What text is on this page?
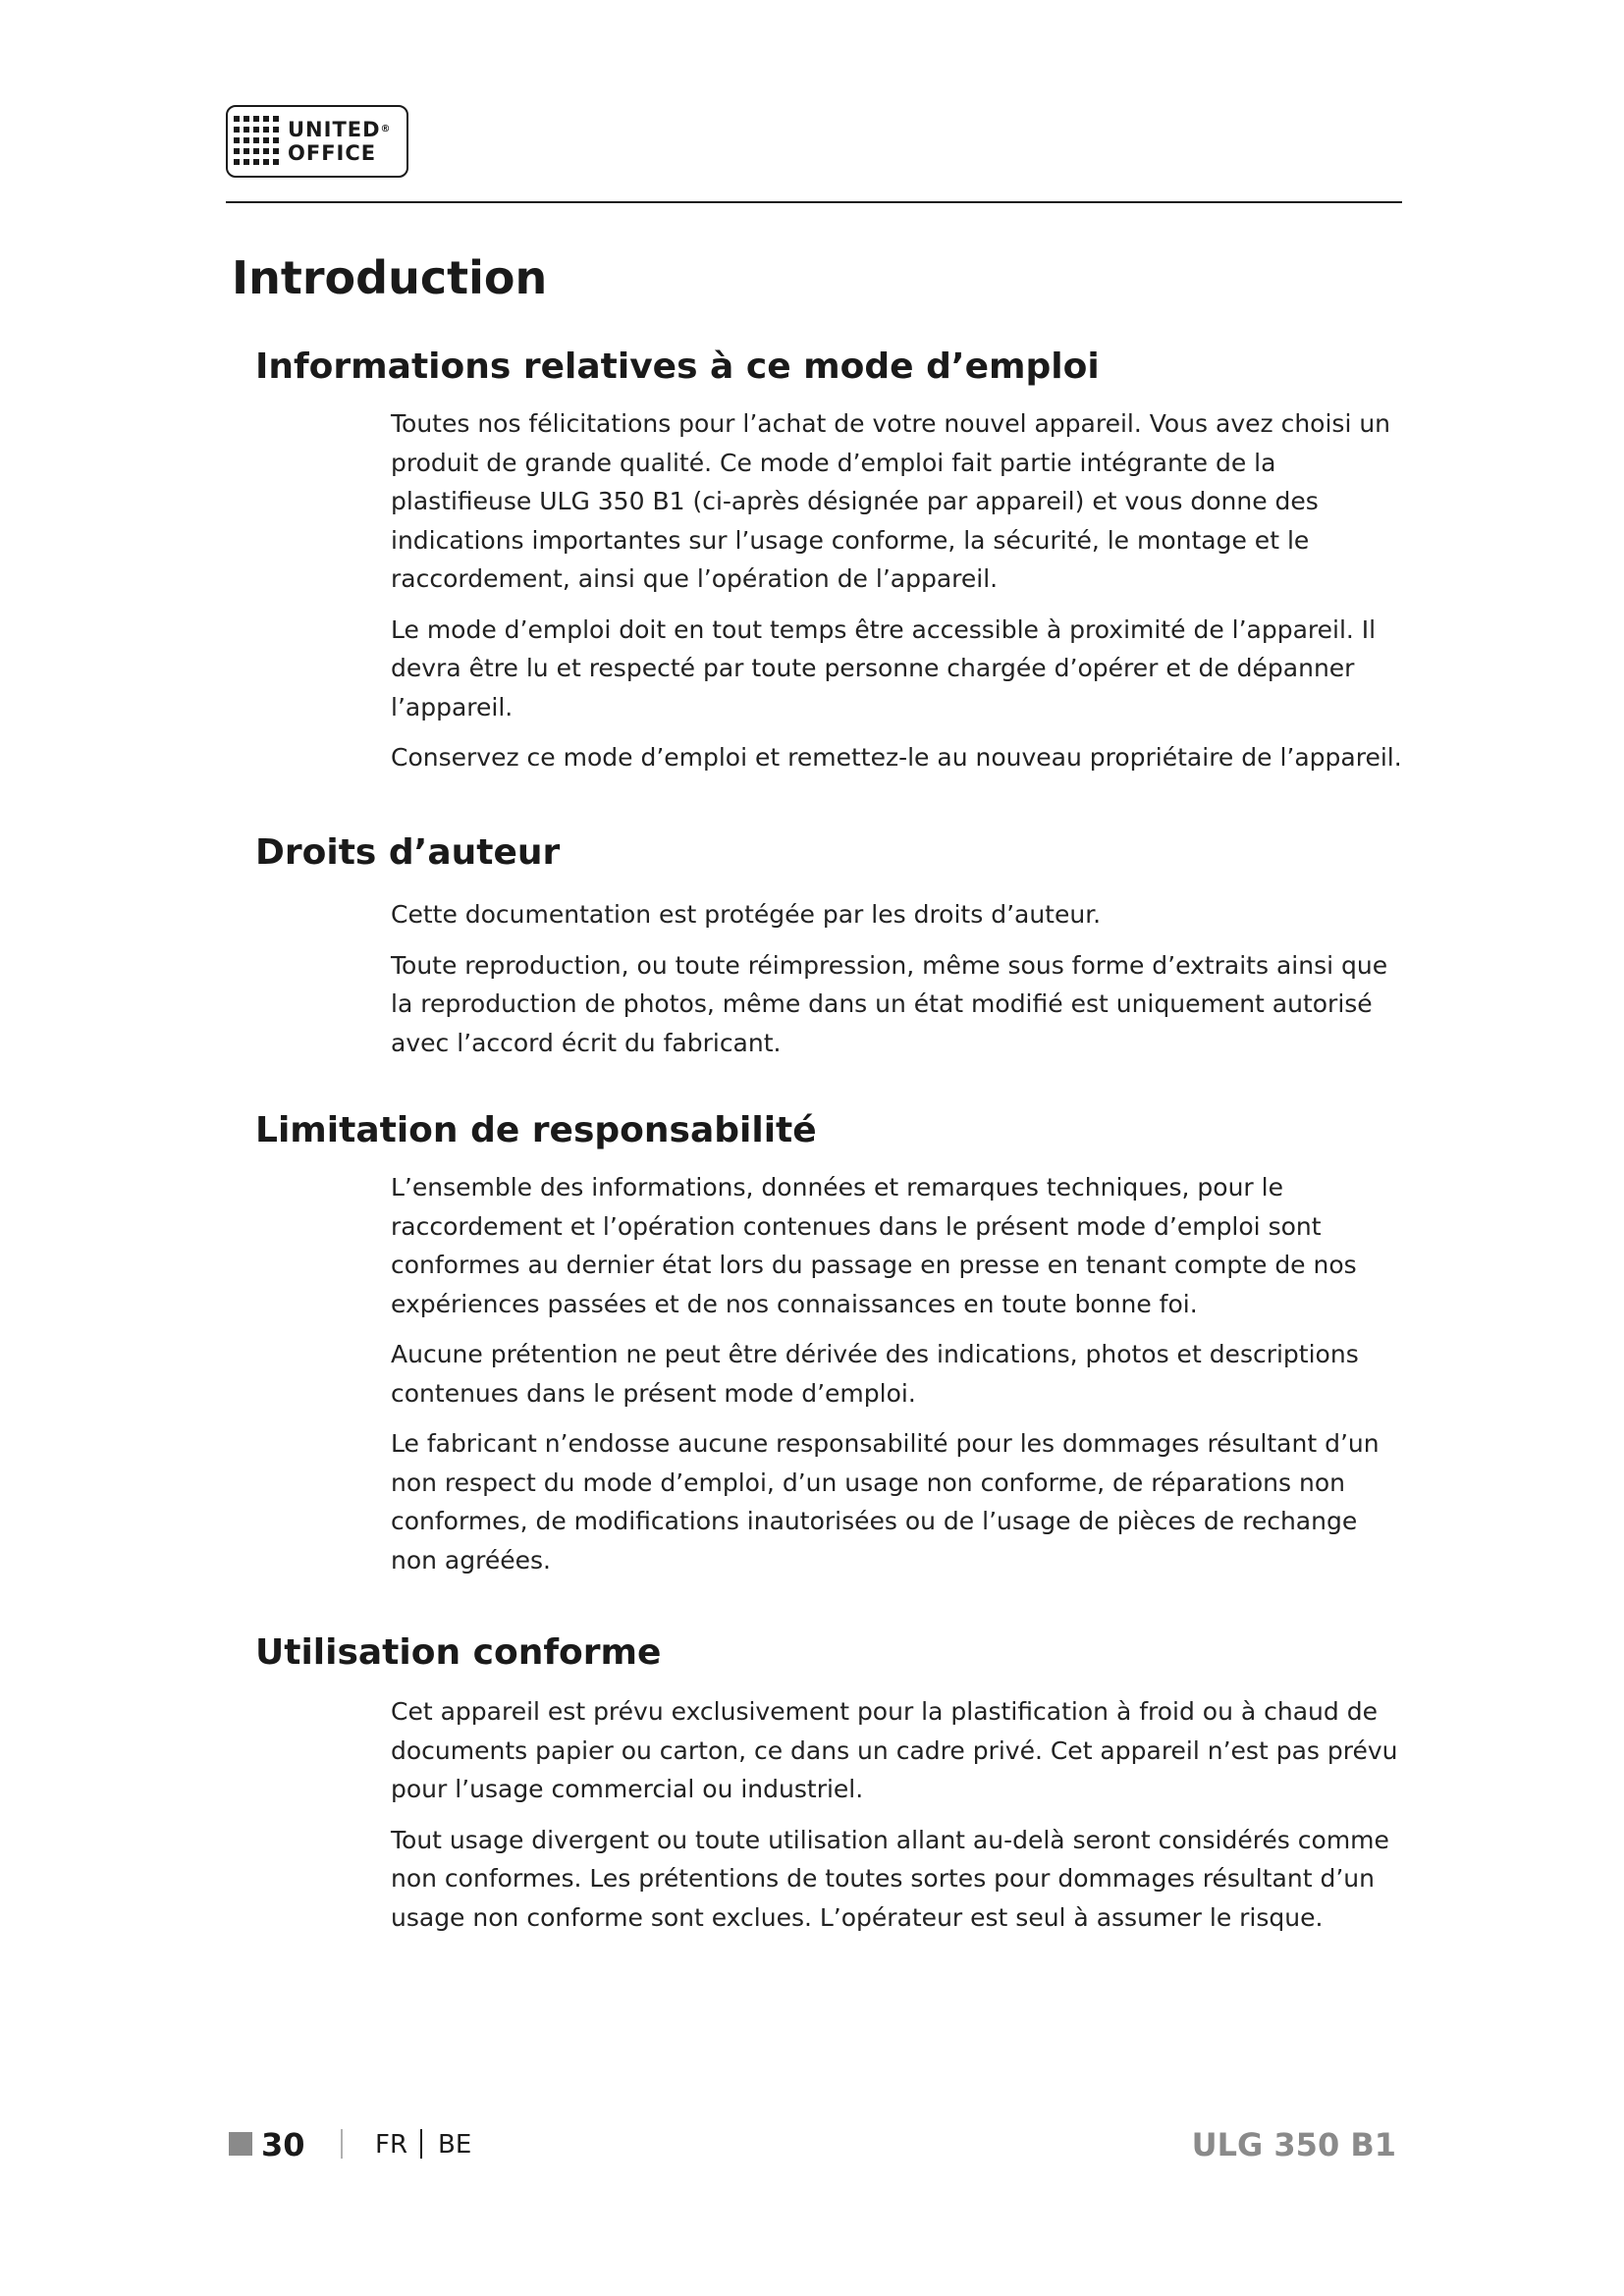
UNITED®
OFFICE
Introduction
Informations relatives à ce mode d’emploi

Toutes nos félicitations pour l’achat de votre nouvel appareil. Vous avez choisi un produit de grande qualité. Ce mode d’emploi fait partie intégrante de la plastifieuse ULG 350 B1 (ci-après désignée par appareil) et vous donne des indications importantes sur l’usage conforme, la sécurité, le montage et le raccordement, ainsi que l’opération de l’appareil.

Le mode d’emploi doit en tout temps être accessible à proximité de l’appareil. Il devra être lu et respecté par toute personne chargée d’opérer et de dépanner l’appareil.

Conservez ce mode d’emploi et remettez-le au nouveau propriétaire de l’appareil.

Droits d’auteur

Cette documentation est protégée par les droits d’auteur.

Toute reproduction, ou toute réimpression, même sous forme d’extraits ainsi que la reproduction de photos, même dans un état modifié est uniquement autorisé avec l’accord écrit du fabricant.

Limitation de responsabilité

L’ensemble des informations, données et remarques techniques, pour le raccordement et l’opération contenues dans le présent mode d’emploi sont conformes au dernier état lors du passage en presse en tenant compte de nos expériences passées et de nos connaissances en toute bonne foi.

Aucune prétention ne peut être dérivée des indications, photos et descriptions contenues dans le présent mode d’emploi.

Le fabricant n’endosse aucune responsabilité pour les dommages résultant d’un non respect du mode d’emploi, d’un usage non conforme, de réparations non conformes, de modifications inautorisées ou de l’usage de pièces de rechange non agréées.

Utilisation conforme

Cet appareil est prévu exclusivement pour la plastification à froid ou à chaud de documents papier ou carton, ce dans un cadre privé. Cet appareil n’est pas prévu pour l’usage commercial ou industriel.

Tout usage divergent ou toute utilisation allant au-delà seront considérés comme non conformes. Les prétentions de toutes sortes pour dommages résultant d’un usage non conforme sont exclues. L’opérateur est seul à assumer le risque.

30	FR BE	ULG 350 B1
